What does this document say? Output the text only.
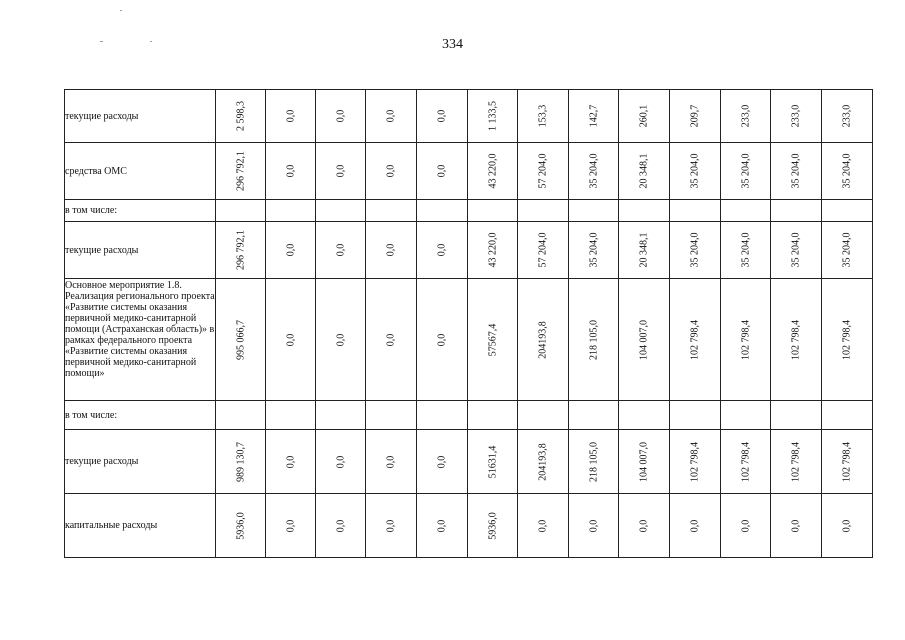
334
текущие расходы	2 598,3	0,0	0,0	0,0	0,0	1 133,5	153,3	142,7	260,1	209,7	233,0	233,0	233,0

средства ОМС	296 792,1	0,0	0,0	0,0	0,0	43 220,0	57 204,0	35 204,0	20 348,1	35 204,0	35 204,0	35 204,0	35 204,0

в том числе:													
текущие расходы	296 792,1	0,0	0,0	0,0	0,0	43 220,0	57 204,0	35 204,0	20 348,1	35 204,0	35 204,0	35 204,0	35 204,0

Основное мероприятие 1.8. Реализация регионального проекта «Развитие системы оказания первичной медико-санитарной помощи (Астраханская область)» в рамках федерального проекта «Развитие системы оказания первичной медико-санитарной помощи»	995 066,7	0,0	0,0	0,0	0,0	57567,4	204193,8	218 105,0	104 007,0	102 798,4	102 798,4	102 798,4	102 798,4

в том числе:													
текущие расходы	989 130,7	0,0	0,0	0,0	0,0	51631,4	204193,8	218 105,0	104 007,0	102 798,4	102 798,4	102 798,4	102 798,4

капитальные расходы	5936,0	0,0	0,0	0,0	0,0	5936,0	0,0	0,0	0,0	0,0	0,0	0,0	0,0
